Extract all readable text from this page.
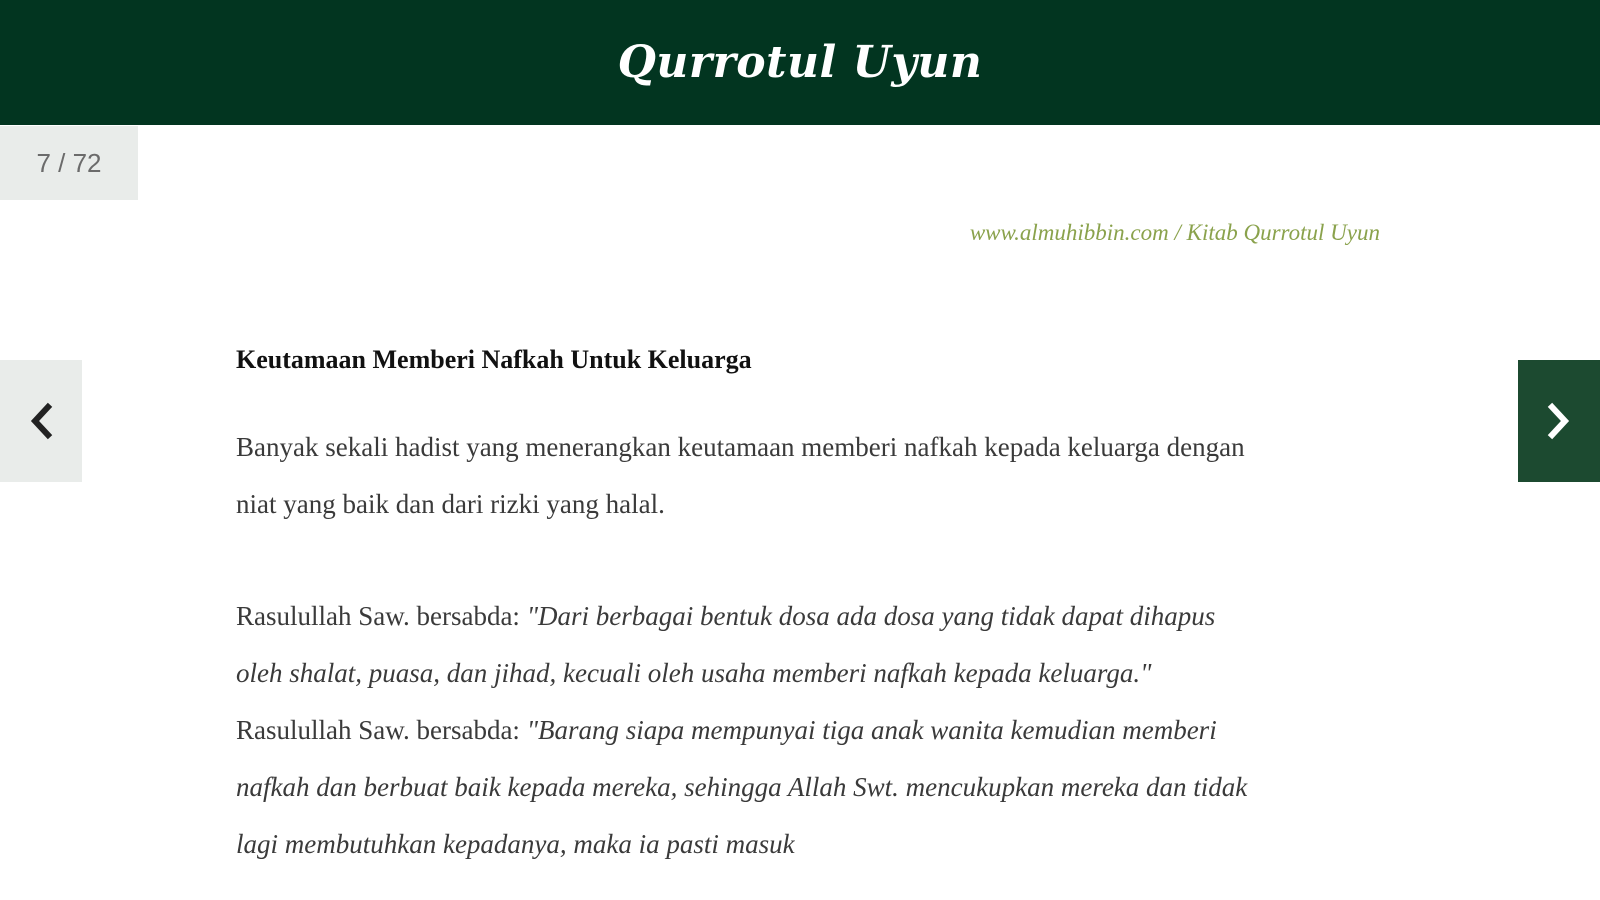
Qurrotul Uyun
7 / 72
www.almuhibbin.com / Kitab Qurrotul Uyun
Keutamaan Memberi Nafkah Untuk Keluarga

Banyak sekali hadist yang menerangkan keutamaan memberi nafkah kepada keluarga dengan niat yang baik dan dari rizki yang halal.

Rasulullah Saw. bersabda: "Dari berbagai bentuk dosa ada dosa yang tidak dapat dihapus oleh shalat, puasa, dan jihad, kecuali oleh usaha memberi nafkah kepada keluarga." Rasulullah Saw. bersabda: "Barang siapa mempunyai tiga anak wanita kemudian memberi nafkah dan berbuat baik kepada mereka, sehingga Allah Swt. mencukupkan mereka dan tidak lagi membutuhkan kepadanya, maka ia pasti masuk
